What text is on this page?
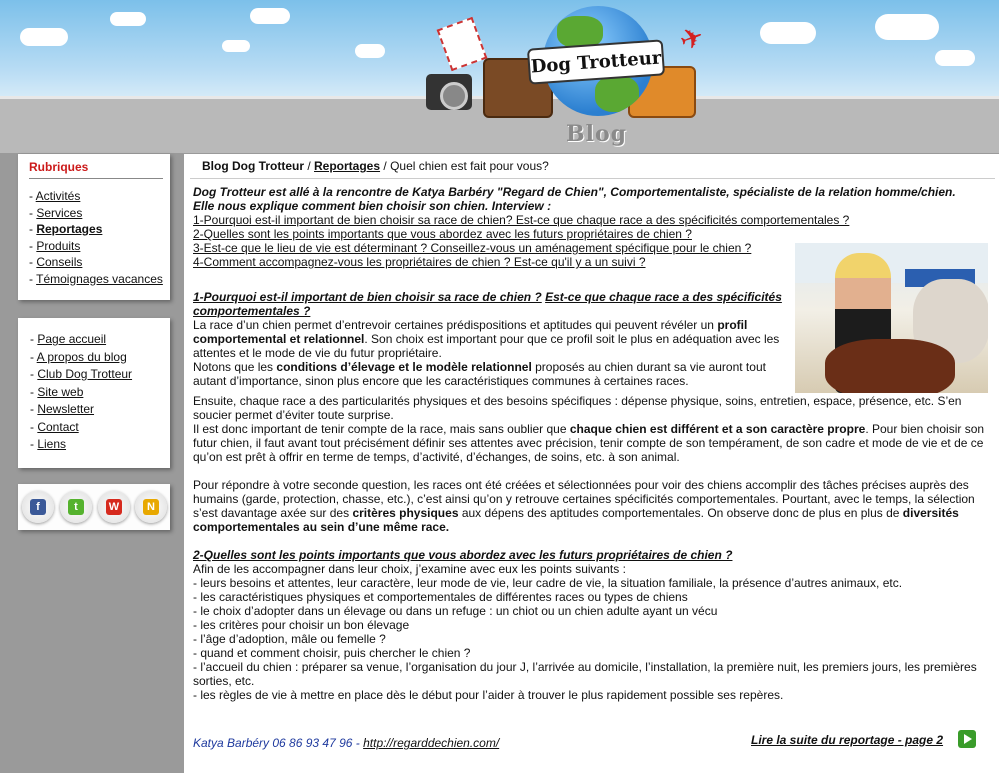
Dog Trotteur
✈
Blog
Rubriques
- Activités
- Services
- Reportages
- Produits
- Conseils
- Témoignages vacances
- Page accueil
- A propos du blog
- Club Dog Trotteur
- Site web
- Newsletter
- Contact
- Liens
f	t	W	N
Blog Dog Trotteur / Reportages / Quel chien est fait pour vous?

Dog Trotteur est allé à la rencontre de Katya Barbéry "Regard de Chien", Comportementaliste, spécialiste de la relation homme/chien.

Elle nous explique comment bien choisir son chien. Interview :

1-Pourquoi est-il important de bien choisir sa race de chien? Est-ce que chaque race a des spécificités comportementales ?

2-Quelles sont les points importants que vous abordez avec les futurs propriétaires de chien ?

3-Est-ce que le lieu de vie est déterminant ? Conseillez-vous un aménagement spécifique pour le chien ?

4-Comment accompagnez-vous les propriétaires de chien ? Est-ce qu'il y a un suivi ?

1-Pourquoi est-il important de bien choisir sa race de chien ? Est-ce que chaque race a des spécificités comportementales ?

La race d’un chien permet d’entrevoir certaines prédispositions et aptitudes qui peuvent révéler un profil comportemental et relationnel. Son choix est important pour que ce profil soit le plus en adéquation avec les attentes et le mode de vie du futur propriétaire.

Notons que les conditions d’élevage et le modèle relationnel proposés au chien durant sa vie auront tout autant d’importance, sinon plus encore que les caractéristiques communes à certaines races.

Ensuite, chaque race a des particularités physiques et des besoins spécifiques : dépense physique, soins, entretien, espace, présence, etc. S’en soucier permet d’éviter toute surprise.

Il est donc important de tenir compte de la race, mais sans oublier que chaque chien est différent et a son caractère propre. Pour bien choisir son futur chien, il faut avant tout précisément définir ses attentes avec précision, tenir compte de son tempérament, de son cadre et mode de vie et de ce qu’on est prêt à offrir en terme de temps, d’activité, d’échanges, de soins, etc. à son animal.

Pour répondre à votre seconde question, les races ont été créées et sélectionnées pour voir des chiens accomplir des tâches précises auprès des humains (garde, protection, chasse, etc.), c’est ainsi qu’on y retrouve certaines spécificités comportementales. Pourtant, avec le temps, la sélection s’est davantage axée sur des critères physiques aux dépens des aptitudes comportementales. On observe donc de plus en plus de diversités comportementales au sein d’une même race.

2-Quelles sont les points importants que vous abordez avec les futurs propriétaires de chien ?

Afin de les accompagner dans leur choix, j’examine avec eux les points suivants :

- leurs besoins et attentes, leur caractère, leur mode de vie, leur cadre de vie, la situation familiale, la présence d’autres animaux, etc.

- les caractéristiques physiques et comportementales de différentes races ou types de chiens

- le choix d’adopter dans un élevage ou dans un refuge : un chiot ou un chien adulte ayant un vécu

- les critères pour choisir un bon élevage

- l’âge d’adoption, mâle ou femelle ?

- quand et comment choisir, puis chercher le chien ?

- l’accueil du chien : préparer sa venue, l’organisation du jour J, l’arrivée au domicile, l’installation, la première nuit, les premiers jours, les premières sorties, etc.

- les règles de vie à mettre en place dès le début pour l’aider à trouver le plus rapidement possible ses repères.

Katya Barbéry 06 86 93 47 96 - http://regarddechien.com/	Lire la suite du reportage - page 2
